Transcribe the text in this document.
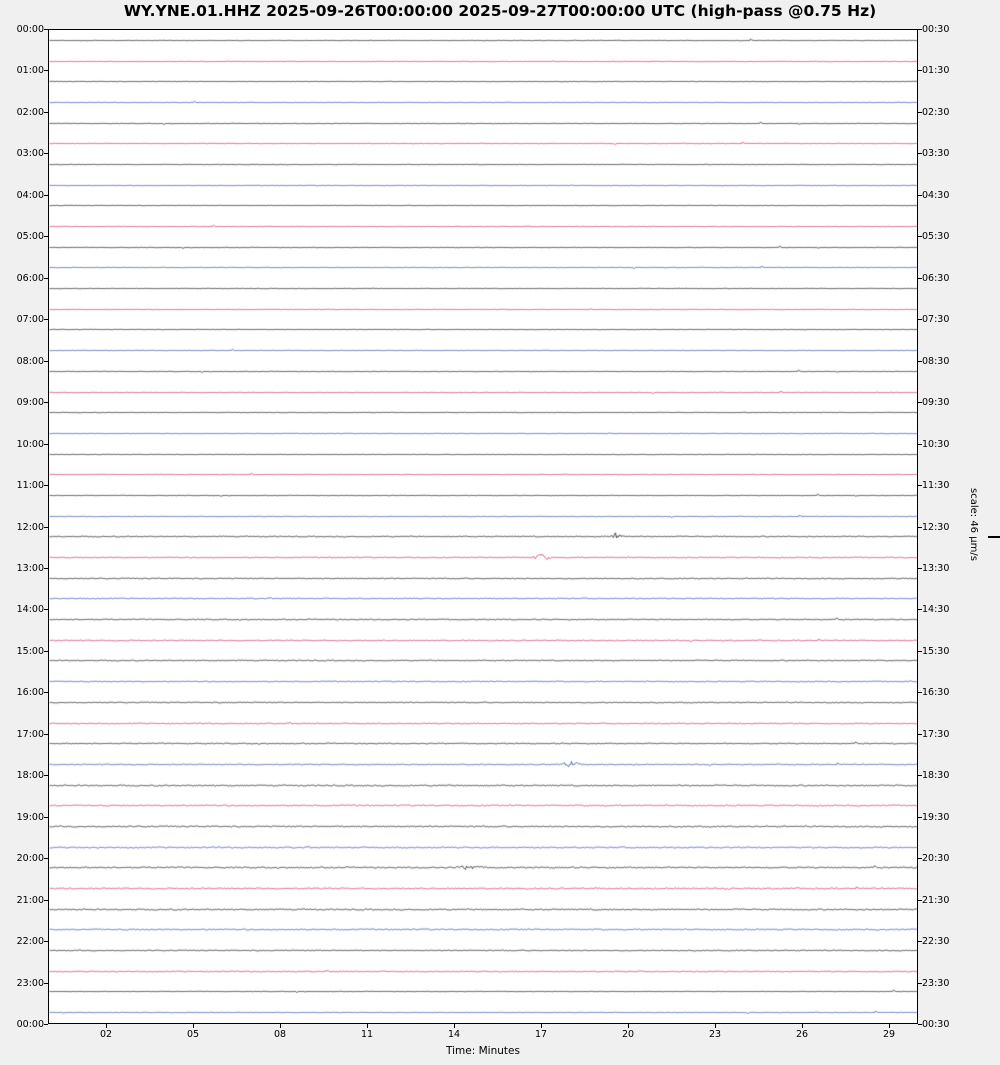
WY.YNE.01.HHZ 2025-09-26T00:00:00 2025-09-27T00:00:00 UTC (high-pass @0.75 Hz)
00:00
01:00
02:00
03:00
04:00
05:00
06:00
07:00
08:00
09:00
10:00
11:00
12:00
13:00
14:00
15:00
16:00
17:00
18:00
19:00
20:00
21:00
22:00
23:00
00:00
00:30
01:30
02:30
03:30
04:30
05:30
06:30
07:30
08:30
09:30
10:30
11:30
12:30
13:30
14:30
15:30
16:30
17:30
18:30
19:30
20:30
21:30
22:30
23:30
00:30
02	05	08	11	14	17	20	23	26	29
Time: Minutes
scale: 46 µm/s
